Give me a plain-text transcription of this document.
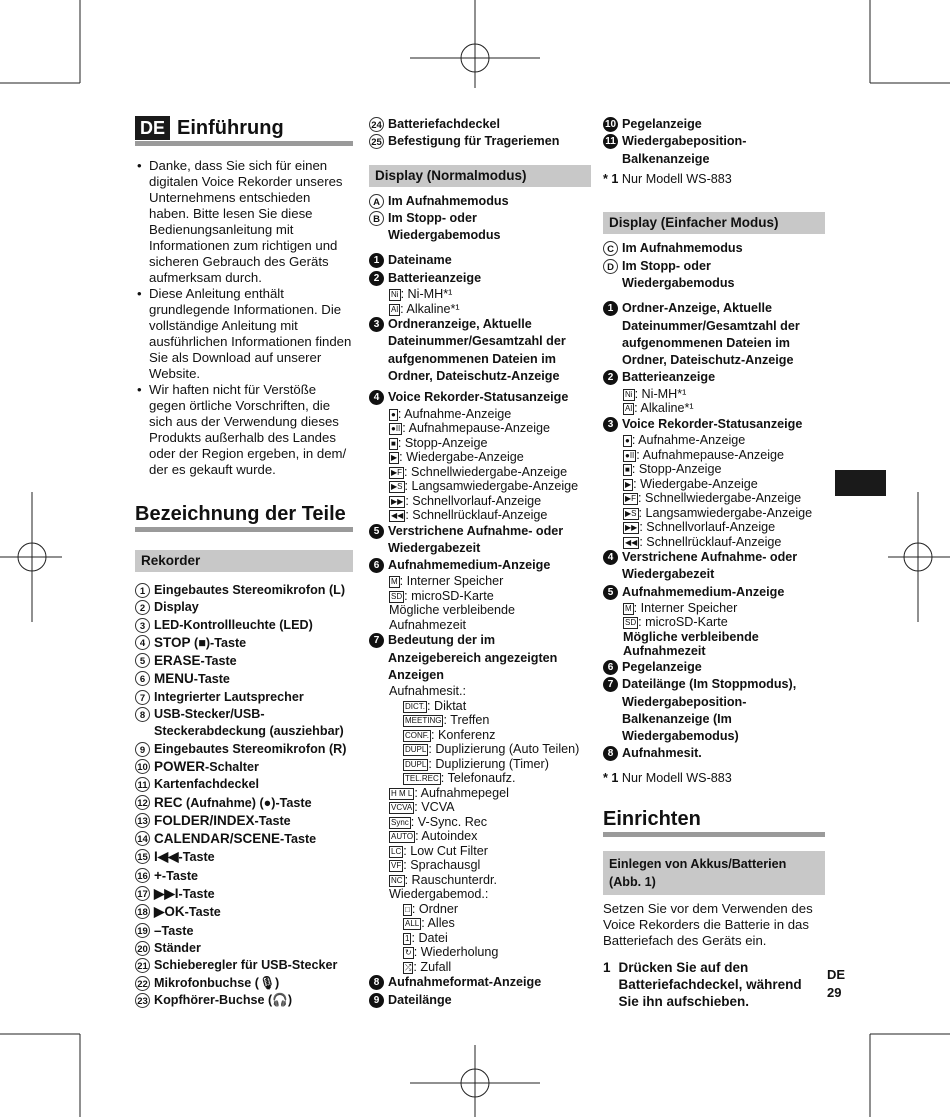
DE Einführung
• Danke, dass Sie sich für einen digitalen Voice Rekorder unseres Unternehmens entschieden haben. Bitte lesen Sie diese Bedienungsanleitung mit Informationen zum richtigen und sicheren Gebrauch des Geräts aufmerksam durch.
• Diese Anleitung enthält grundlegende Informationen. Die vollständige Anleitung mit ausführlichen Informationen finden Sie als Download auf unserer Website.
• Wir haften nicht für Verstöße gegen örtliche Vorschriften, die sich aus der Verwendung dieses Produkts außerhalb des Landes oder der Region ergeben, in dem/ der es gekauft wurde.
Bezeichnung der Teile
Rekorder
1 Eingebautes Stereomikrofon (L)
2 Display
3 LED-Kontrollleuchte (LED)
4 STOP (■)-Taste
5 ERASE-Taste
6 MENU-Taste
7 Integrierter Lautsprecher
8 USB-Stecker/USB-Steckerabdeckung (ausziehbar)
9 Eingebautes Stereomikrofon (R)
10 POWER-Schalter
11 Kartenfachdeckel
12 REC (Aufnahme) (●)-Taste
13 FOLDER/INDEX-Taste
14 CALENDAR/SCENE-Taste
15 I◀◀-Taste
16 +-Taste
17 ▶▶I-Taste
18 ▶OK-Taste
19 –Taste
20 Ständer
21 Schieberegler für USB-Stecker
22 Mikrofonbuchse (🎙)
23 Kopfhörer-Buchse (🎧)
24 Batteriefachdeckel
25 Befestigung für Trageriemen
Display (Normalmodus)
A Im Aufnahmemodus
B Im Stopp- oder Wiedergabemodus
1 Dateiname
2 Batterieanzeige
Ni : Ni-MH*¹
Al : Alkaline*¹
3 Ordneranzeige, Aktuelle Dateinummer/Gesamtzahl der aufgenommenen Dateien im Ordner, Dateischutz-Anzeige
4 Voice Rekorder-Statusanzeige
● : Aufnahme-Anzeige
●II : Aufnahmepause-Anzeige
■ : Stopp-Anzeige
▶ : Wiedergabe-Anzeige
▶F : Schnellwiedergabe-Anzeige
▶S : Langsamwiedergabe-Anzeige
▶▶ : Schnellvorlauf-Anzeige
◀◀ : Schnellrücklauf-Anzeige
5 Verstrichene Aufnahme- oder Wiedergabezeit
6 Aufnahmemedium-Anzeige
M : Interner Speicher
SD : microSD-Karte
Mögliche verbleibende Aufnahmezeit
7 Bedeutung der im Anzeigebereich angezeigten Anzeigen
Aufnahmesit.:
DICT. : Diktat
MEETING : Treffen
CONF. : Konferenz
DUPL : Duplizierung (Auto Teilen)
DUPL : Duplizierung (Timer)
TEL.REC : Telefonaufz.
H M L : Aufnahmepegel
VCVA : VCVA
Sync : V-Sync. Rec
AUTO : Autoindex
LC : Low Cut Filter
VF : Sprachausgl
NC : Rauschunterdr.
Wiedergabemod.:
□ : Ordner
ALL : Alles
1 : Datei
↻ : Wiederholung
⤮ : Zufall
8 Aufnahmeformat-Anzeige
9 Dateilänge
10 Pegelanzeige
11 Wiedergabeposition-Balkenanzeige
* 1 Nur Modell WS-883
Display (Einfacher Modus)
C Im Aufnahmemodus
D Im Stopp- oder Wiedergabemodus
1 Ordner-Anzeige, Aktuelle Dateinummer/Gesamtzahl der aufgenommenen Dateien im Ordner, Dateischutz-Anzeige
2 Batterieanzeige
Ni : Ni-MH*¹
Al : Alkaline*¹
3 Voice Rekorder-Statusanzeige
● : Aufnahme-Anzeige
●II : Aufnahmepause-Anzeige
■ : Stopp-Anzeige
▶ : Wiedergabe-Anzeige
▶F : Schnellwiedergabe-Anzeige
▶S : Langsamwiedergabe-Anzeige
▶▶ : Schnellvorlauf-Anzeige
◀◀ : Schnellrücklauf-Anzeige
4 Verstrichene Aufnahme- oder Wiedergabezeit
5 Aufnahmemedium-Anzeige
M : Interner Speicher
SD : microSD-Karte
Mögliche verbleibende Aufnahmezeit
6 Pegelanzeige
7 Dateilänge (Im Stoppmodus), Wiedergabeposition-Balkenanzeige (Im Wiedergabemodus)
8 Aufnahmesit.
* 1 Nur Modell WS-883
Einrichten
Einlegen von Akkus/Batterien (Abb. 1)
Setzen Sie vor dem Verwenden des Voice Rekorders die Batterie in das Batteriefach des Geräts ein.
1 Drücken Sie auf den Batteriefachdeckel, während Sie ihn aufschieben.
DE
29
